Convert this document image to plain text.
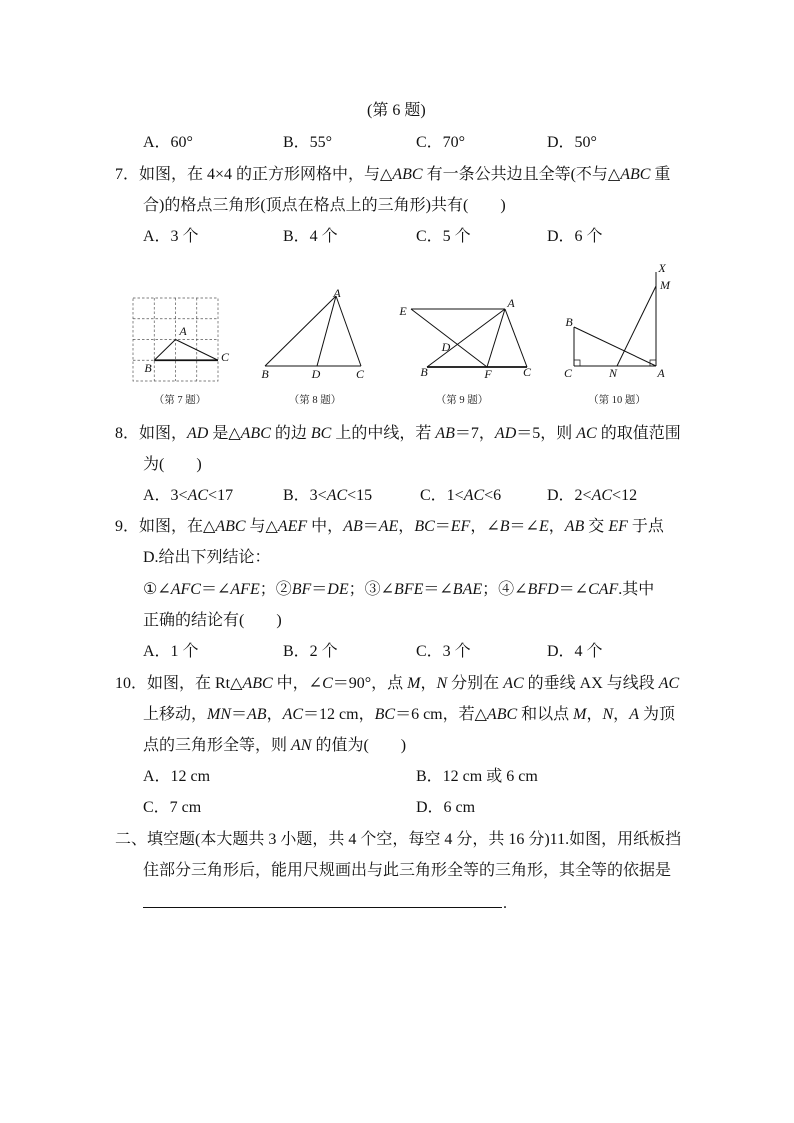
(第 6 题)
A．60°	B．55°	C．70°	D．50°
7．如图，在 4×4 的正方形网格中，与△ABC 有一条公共边且全等(不与△ABC 重
合)的格点三角形(顶点在格点上的三角形)共有(　　)
A．3 个	B．4 个	C．5 个	D．6 个
A
B
C
（第 7 题）
A
B	D	C
（第 8 题）
E
A
D
B	F	C
（第 9 题）
X
M
B
C	N	A
（第 10 题）
8．如图，AD 是△ABC 的边 BC 上的中线，若 AB＝7，AD＝5，则 AC 的取值范围
为(　　)
A．3<AC<17	B．3<AC<15	C．1<AC<6	D．2<AC<12
9．如图，在△ABC 与△AEF 中，AB＝AE，BC＝EF，∠B＝∠E，AB 交 EF 于点
D.给出下列结论：
①∠AFC＝∠AFE；②BF＝DE；③∠BFE＝∠BAE；④∠BFD＝∠CAF.其中
正确的结论有(　　)
A．1 个	B．2 个	C．3 个	D．4 个
10．如图，在 Rt△ABC 中，∠C＝90°，点 M，N 分别在 AC 的垂线 AX 与线段 AC
上移动，MN＝AB，AC＝12 cm，BC＝6 cm，若△ABC 和以点 M，N，A 为顶
点的三角形全等，则 AN 的值为(　　)
A．12 cm	B．12 cm 或 6 cm
C．7 cm	D．6 cm
二、填空题(本大题共 3 小题，共 4 个空，每空 4 分，共 16 分)11.如图，用纸板挡
住部分三角形后，能用尺规画出与此三角形全等的三角形，其全等的依据是
.
